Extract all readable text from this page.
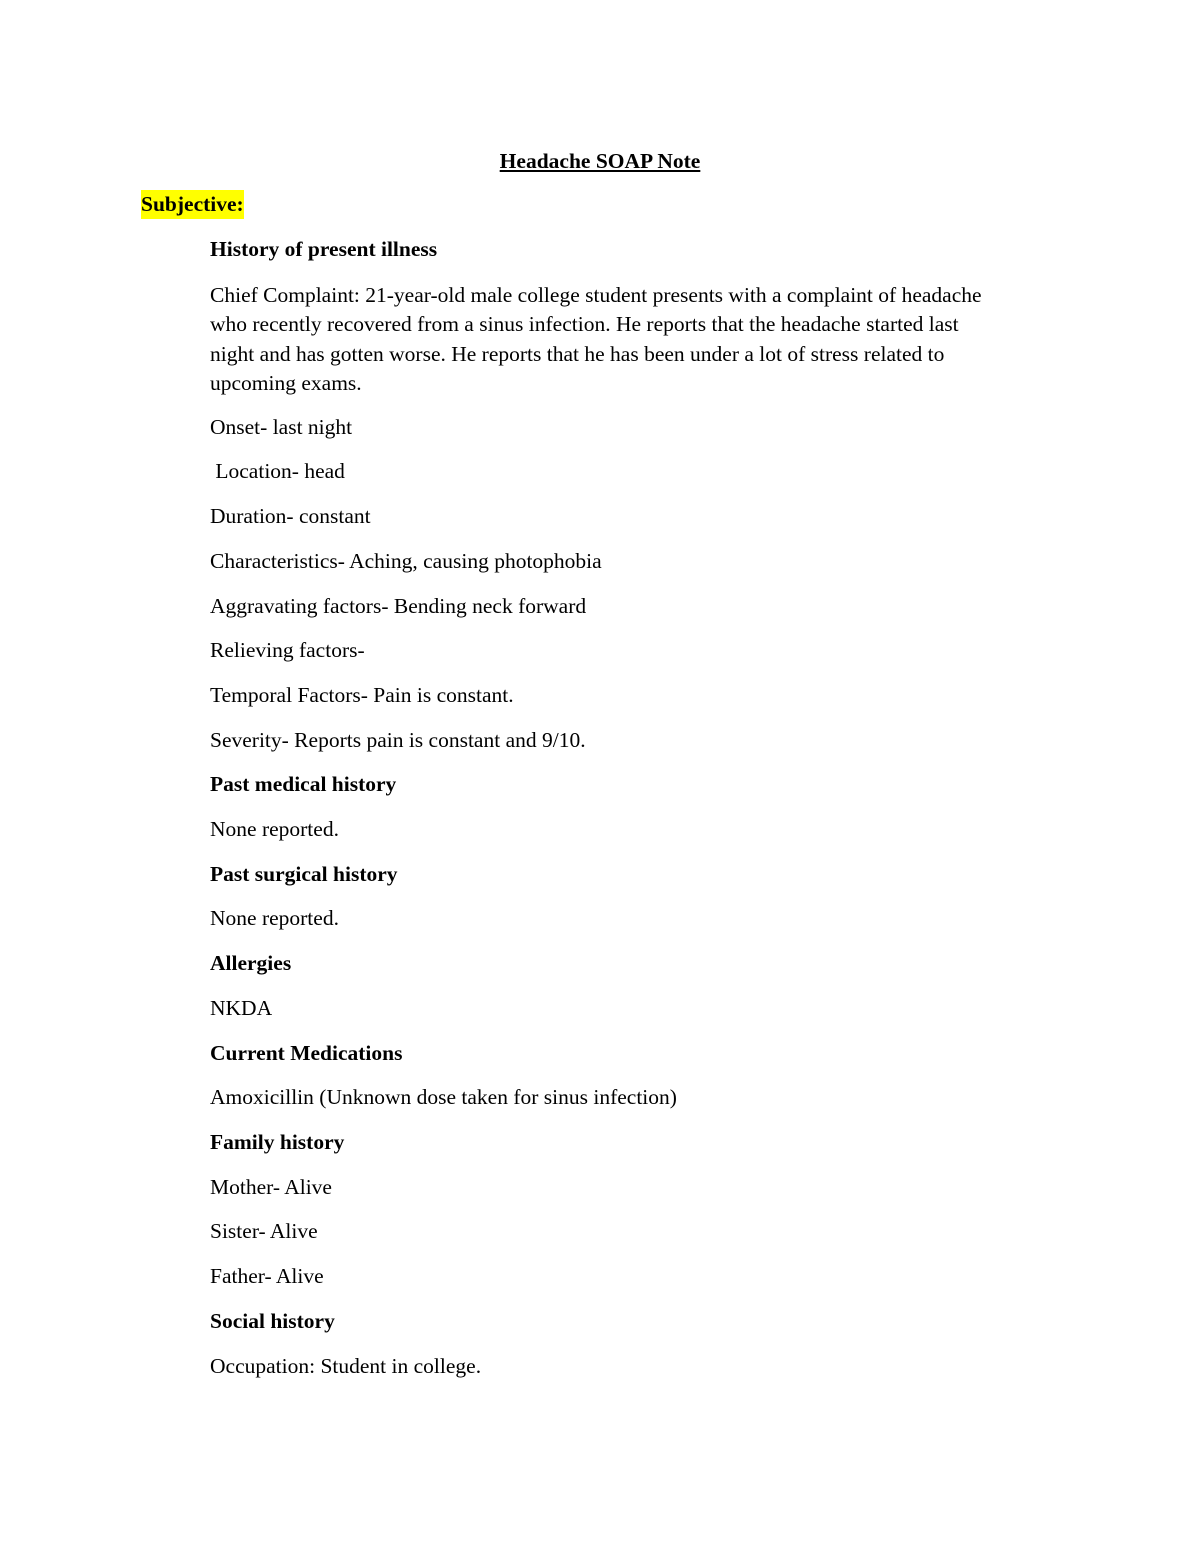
Headache SOAP Note
Subjective:
History of present illness
Chief Complaint: 21-year-old male college student presents with a complaint of headache
who recently recovered from a sinus infection. He reports that the headache started last
night and has gotten worse. He reports that he has been under a lot of stress related to
upcoming exams.
Onset- last night
Location- head
Duration- constant
Characteristics- Aching, causing photophobia
Aggravating factors- Bending neck forward
Relieving factors-
Temporal Factors- Pain is constant.
Severity- Reports pain is constant and 9/10.
Past medical history
None reported.
Past surgical history
None reported.
Allergies
NKDA
Current Medications
Amoxicillin (Unknown dose taken for sinus infection)
Family history
Mother- Alive
Sister- Alive
Father- Alive
Social history
Occupation: Student in college.
